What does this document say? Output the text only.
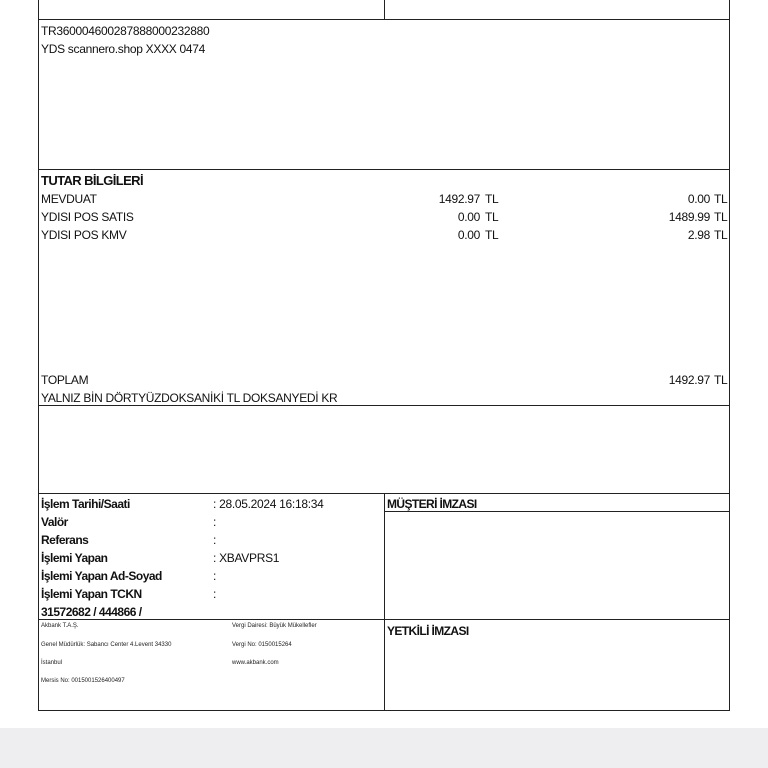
TR360004600287888000232880
YDS scannero.shop XXXX 0474
TUTAR BİLGİLERİ
MEVDUAT	1492.97 TL	0.00 TL
YDISI POS SATIS	0.00 TL	1489.99 TL
YDISI POS KMV	0.00 TL	2.98 TL
TOPLAM	1492.97 TL
YALNIZ BİN DÖRTYÜZDOKSANİKİ TL DOKSANYEDİ KR
İşlem Tarihi/Saati	: 28.05.2024 16:18:34
Valör	:
Referans	:
İşlemi Yapan	: XBAVPRS1
İşlemi Yapan Ad-Soyad	:
İşlemi Yapan TCKN	:
31572682 / 444866 /
MÜŞTERİ İMZASI
YETKİLİ İMZASI
Akbank T.A.Ş.
Genel Müdürlük: Sabancı Center 4.Levent 34330
İstanbul
Mersis No: 0015001526400497
Vergi Dairesi: Büyük Mükellefler
Vergi No: 0150015264
www.akbank.com
